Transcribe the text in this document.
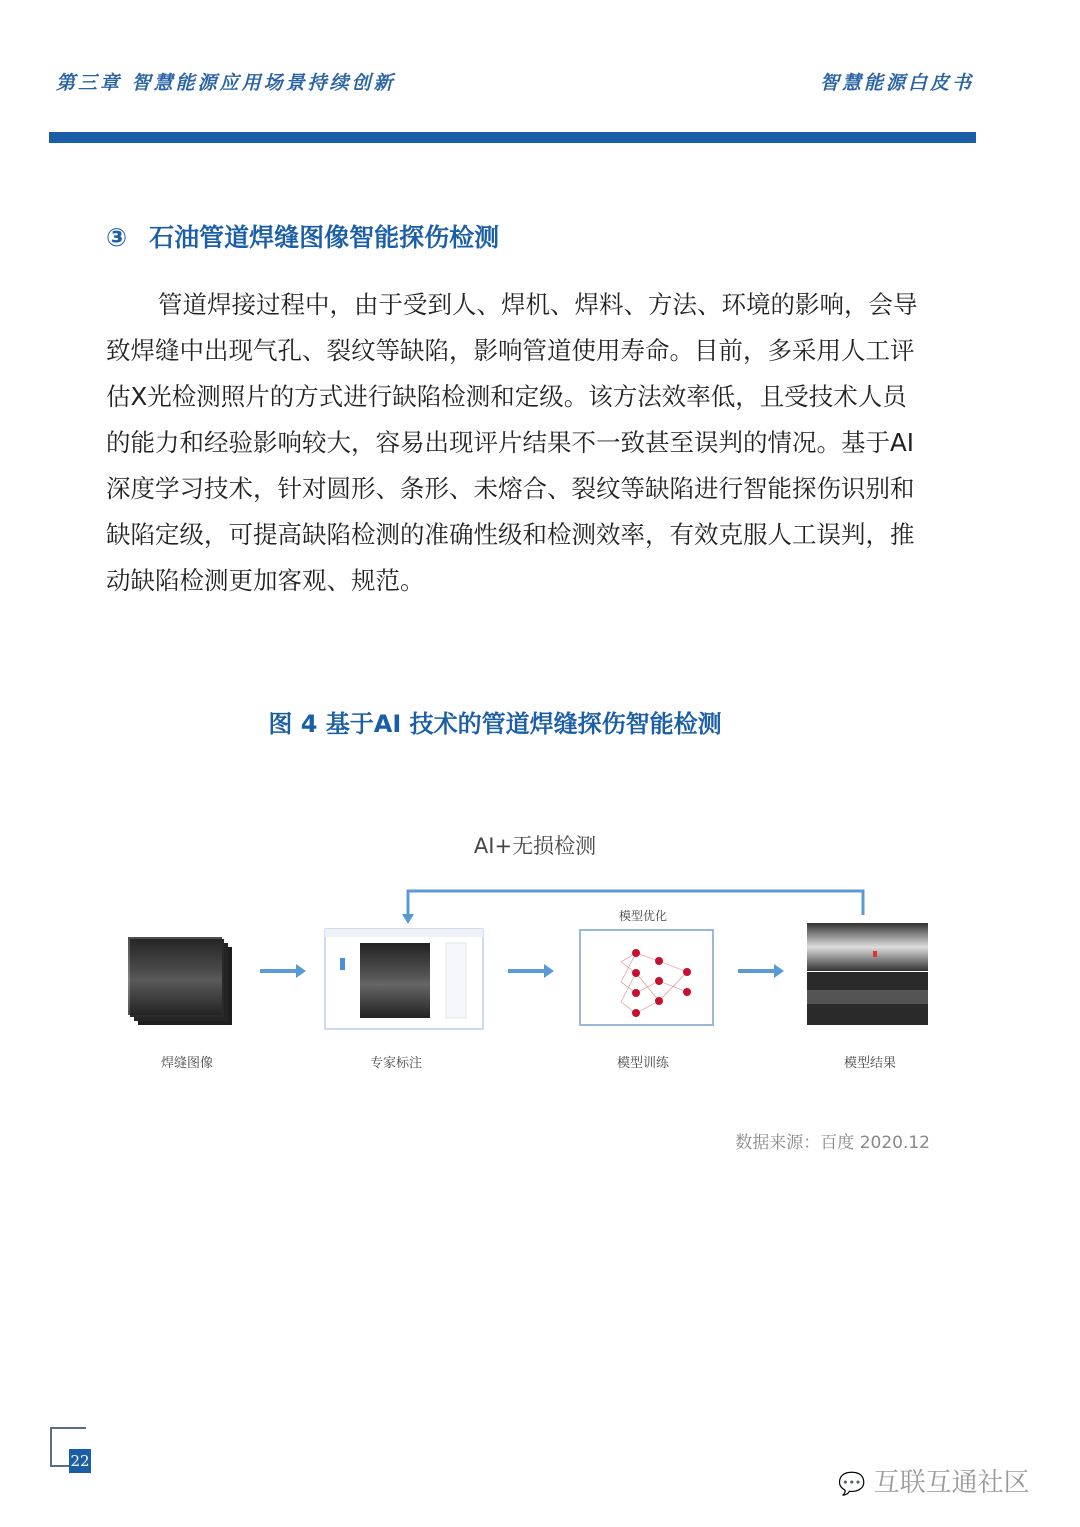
第三章 智慧能源应用场景持续创新	智慧能源白皮书
③ 石油管道焊缝图像智能探伤检测
管道焊接过程中，由于受到人、焊机、焊料、方法、环境的影响，会导
致焊缝中出现气孔、裂纹等缺陷，影响管道使用寿命。目前，多采用人工评
估X光检测照片的方式进行缺陷检测和定级。该方法效率低，且受技术人员
的能力和经验影响较大，容易出现评片结果不一致甚至误判的情况。基于AI
深度学习技术，针对圆形、条形、未熔合、裂纹等缺陷进行智能探伤识别和
缺陷定级，可提高缺陷检测的准确性级和检测效率，有效克服人工误判，推
动缺陷检测更加客观、规范。
图 4 基于AI 技术的管道焊缝探伤智能检测
AI+无损检测
模型优化
焊缝图像	专家标注	模型训练	模型结果
数据来源：百度 2020.12
22
💬 互联互通社区
